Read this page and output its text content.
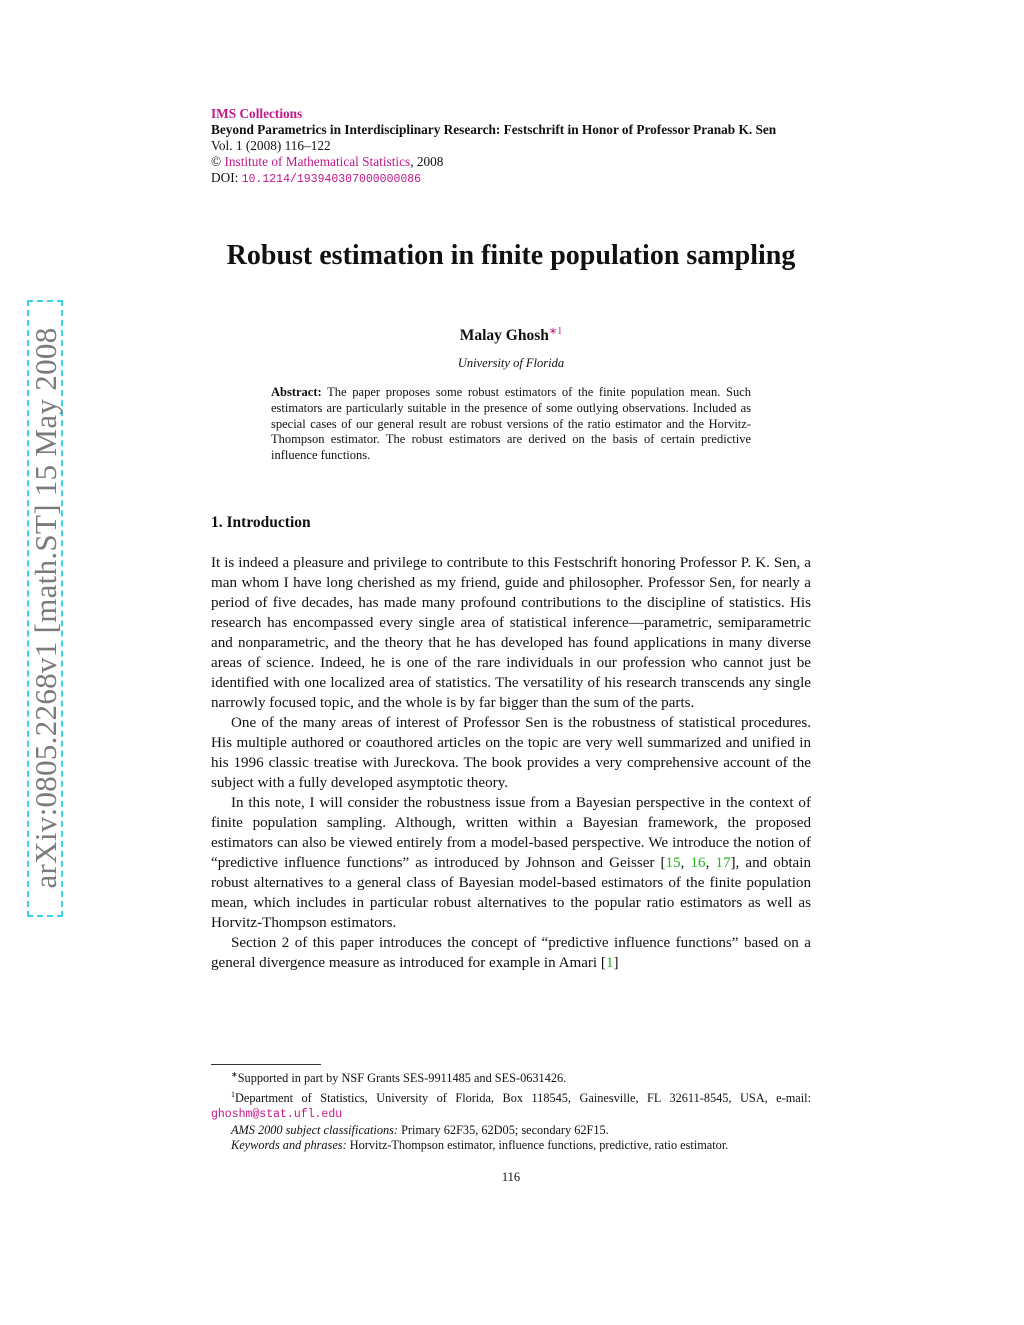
arXiv:0805.2268v1 [math.ST] 15 May 2008
IMS Collections
Beyond Parametrics in Interdisciplinary Research: Festschrift in Honor of Professor Pranab K. Sen
Vol. 1 (2008) 116–122
© Institute of Mathematical Statistics, 2008
DOI: 10.1214/193940307000000086
Robust estimation in finite population sampling
Malay Ghosh$^{∗1}$
University of Florida
Abstract: The paper proposes some robust estimators of the finite population mean. Such estimators are particularly suitable in the presence of some outlying observations. Included as special cases of our general result are robust versions of the ratio estimator and the Horvitz-Thompson estimator. The robust estimators are derived on the basis of certain predictive influence functions.
1. Introduction

It is indeed a pleasure and privilege to contribute to this Festschrift honoring Professor P. K. Sen, a man whom I have long cherished as my friend, guide and philosopher. Professor Sen, for nearly a period of five decades, has made many profound contributions to the discipline of statistics. His research has encompassed every single area of statistical inference—parametric, semiparametric and nonparametric, and the theory that he has developed has found applications in many diverse areas of science. Indeed, he is one of the rare individuals in our profession who cannot just be identified with one localized area of statistics. The versatility of his research transcends any single narrowly focused topic, and the whole is by far bigger than the sum of the parts.

One of the many areas of interest of Professor Sen is the robustness of statistical procedures. His multiple authored or coauthored articles on the topic are very well summarized and unified in his 1996 classic treatise with Jureckova. The book provides a very comprehensive account of the subject with a fully developed asymptotic theory.

In this note, I will consider the robustness issue from a Bayesian perspective in the context of finite population sampling. Although, written within a Bayesian framework, the proposed estimators can also be viewed entirely from a model-based perspective. We introduce the notion of “predictive influence functions” as introduced by Johnson and Geisser [15, 16, 17], and obtain robust alternatives to a general class of Bayesian model-based estimators of the finite population mean, which includes in particular robust alternatives to the popular ratio estimators as well as Horvitz-Thompson estimators.

Section 2 of this paper introduces the concept of “predictive influence functions” based on a general divergence measure as introduced for example in Amari [1]

∗Supported in part by NSF Grants SES-9911485 and SES-0631426.

$^1$Department of Statistics, University of Florida, Box 118545, Gainesville, FL 32611-8545, USA, e-mail: ghoshm@stat.ufl.edu

AMS 2000 subject classifications: Primary 62F35, 62D05; secondary 62F15.

Keywords and phrases: Horvitz-Thompson estimator, influence functions, predictive, ratio estimator.

116
